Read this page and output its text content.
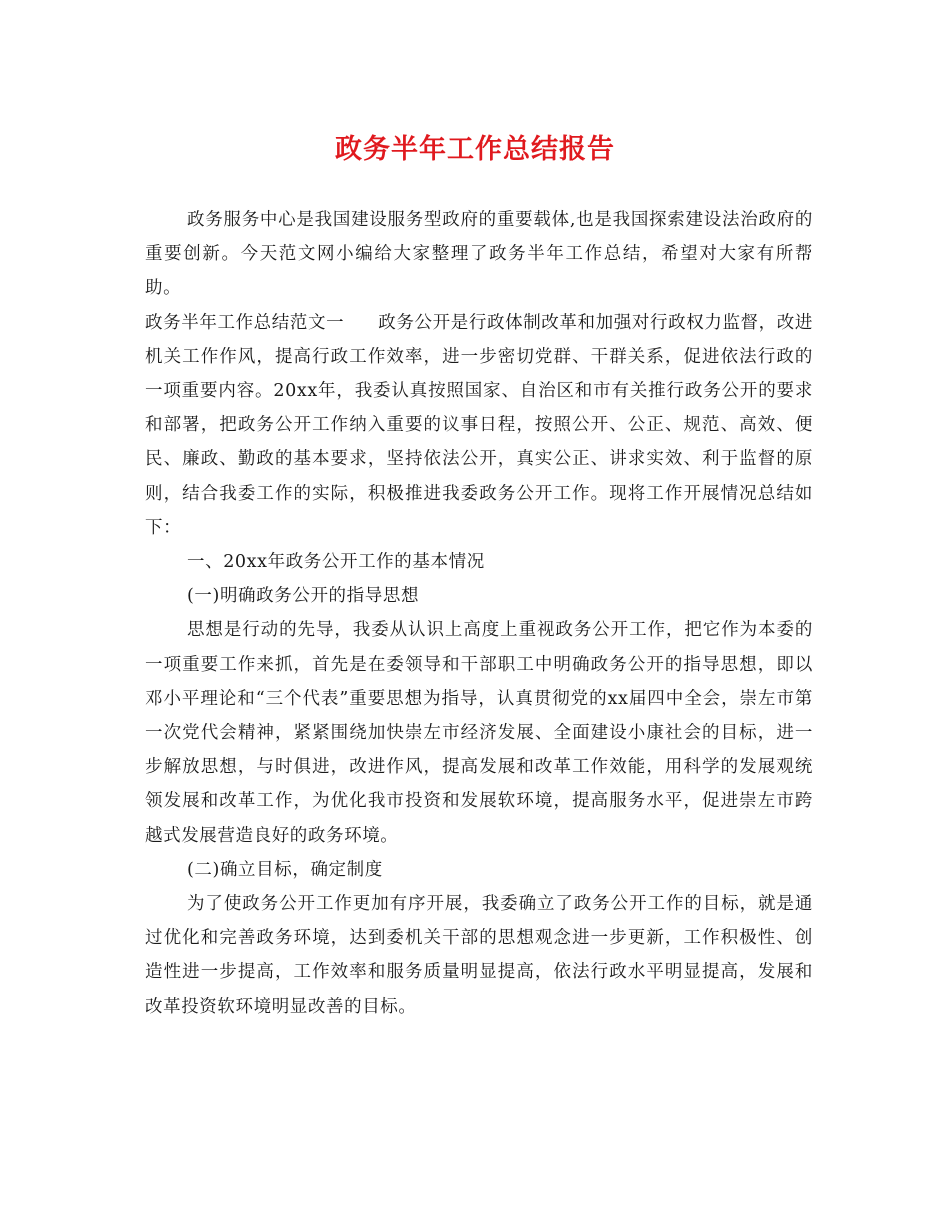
政务半年工作总结报告

政务服务中心是我国建设服务型政府的重要载体,也是我国探索建设法治政府的重要创新。今天范文网小编给大家整理了政务半年工作总结，希望对大家有所帮助。

政务半年工作总结范文一 政务公开是行政体制改革和加强对行政权力监督，改进机关工作作风，提高行政工作效率，进一步密切党群、干群关系，促进依法行政的一项重要内容。20xx年，我委认真按照国家、自治区和市有关推行政务公开的要求和部署，把政务公开工作纳入重要的议事日程，按照公开、公正、规范、高效、便民、廉政、勤政的基本要求，坚持依法公开，真实公正、讲求实效、利于监督的原则，结合我委工作的实际，积极推进我委政务公开工作。现将工作开展情况总结如下：

一、20xx年政务公开工作的基本情况

(一)明确政务公开的指导思想

思想是行动的先导，我委从认识上高度上重视政务公开工作，把它作为本委的一项重要工作来抓，首先是在委领导和干部职工中明确政务公开的指导思想，即以邓小平理论和“三个代表”重要思想为指导，认真贯彻党的xx届四中全会，崇左市第一次党代会精神，紧紧围绕加快崇左市经济发展、全面建设小康社会的目标，进一步解放思想，与时俱进，改进作风，提高发展和改革工作效能，用科学的发展观统领发展和改革工作，为优化我市投资和发展软环境，提高服务水平，促进崇左市跨越式发展营造良好的政务环境。

(二)确立目标，确定制度

为了使政务公开工作更加有序开展，我委确立了政务公开工作的目标，就是通过优化和完善政务环境，达到委机关干部的思想观念进一步更新，工作积极性、创造性进一步提高，工作效率和服务质量明显提高，依法行政水平明显提高，发展和改革投资软环境明显改善的目标。
